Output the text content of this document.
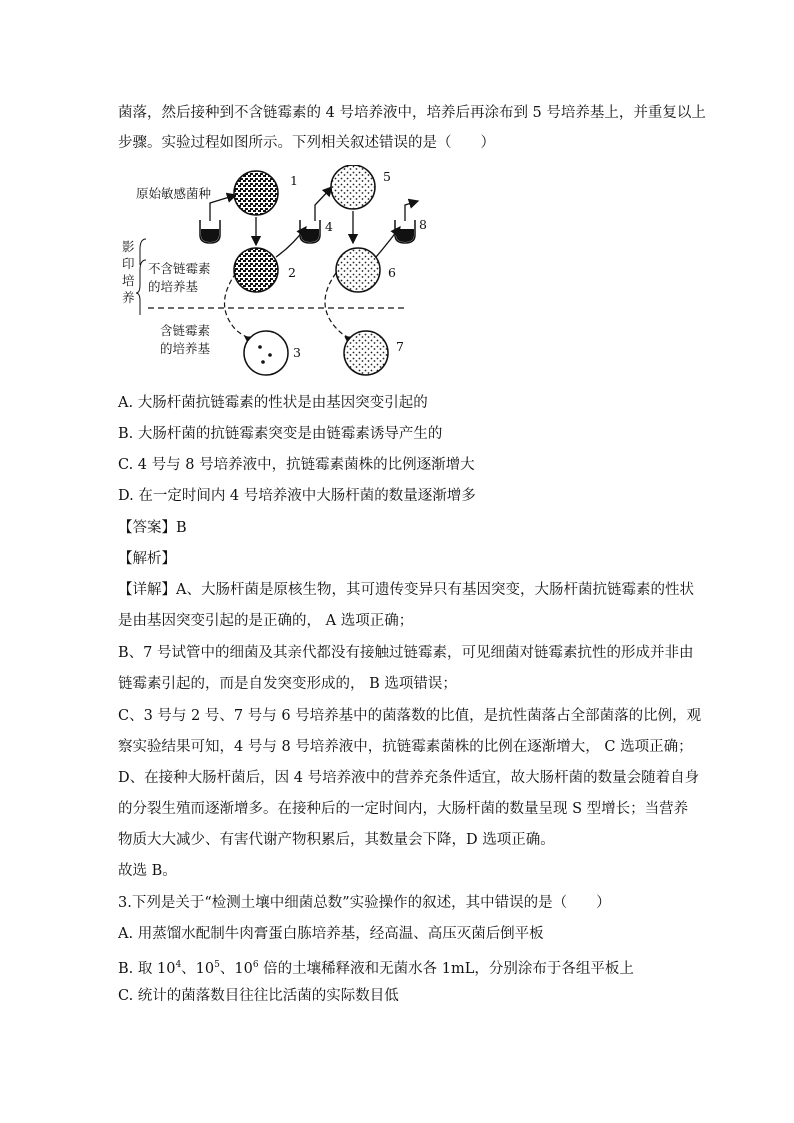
菌落，然后接种到不含链霉素的 4 号培养液中，培养后再涂布到 5 号培养基上，并重复以上
步骤。实验过程如图所示。下列相关叙述错误的是（　　）
原始敏感菌种
1
2
4
5
6
8
影
印
培
养
不含链霉素
的培养基
含链霉素
的培养基	3	7
A. 大肠杆菌抗链霉素的性状是由基因突变引起的
B. 大肠杆菌的抗链霉素突变是由链霉素诱导产生的
C. 4 号与 8 号培养液中，抗链霉素菌株的比例逐渐增大
D. 在一定时间内 4 号培养液中大肠杆菌的数量逐渐增多
【答案】B
【解析】
【详解】A、大肠杆菌是原核生物，其可遗传变异只有基因突变，大肠杆菌抗链霉素的性状
是由基因突变引起的是正确的， A 选项正确；
B、7 号试管中的细菌及其亲代都没有接触过链霉素，可见细菌对链霉素抗性的形成并非由
链霉素引起的，而是自发突变形成的， B 选项错误；
C、3 号与 2 号、7 号与 6 号培养基中的菌落数的比值，是抗性菌落占全部菌落的比例，观
察实验结果可知，4 号与 8 号培养液中，抗链霉素菌株的比例在逐渐增大， C 选项正确；
D、在接种大肠杆菌后，因 4 号培养液中的营养充条件适宜，故大肠杆菌的数量会随着自身
的分裂生殖而逐渐增多。在接种后的一定时间内，大肠杆菌的数量呈现 S 型增长；当营养
物质大大减少、有害代谢产物积累后，其数量会下降，D 选项正确。
故选 B。
3.下列是关于“检测土壤中细菌总数”实验操作的叙述，其中错误的是（　　）
A. 用蒸馏水配制牛肉膏蛋白胨培养基，经高温、高压灭菌后倒平板
B. 取 $10^4$、$10^5$、$10^6$ 倍的土壤稀释液和无菌水各 1mL，分别涂布于各组平板上
C. 统计的菌落数目往往比活菌的实际数目低
